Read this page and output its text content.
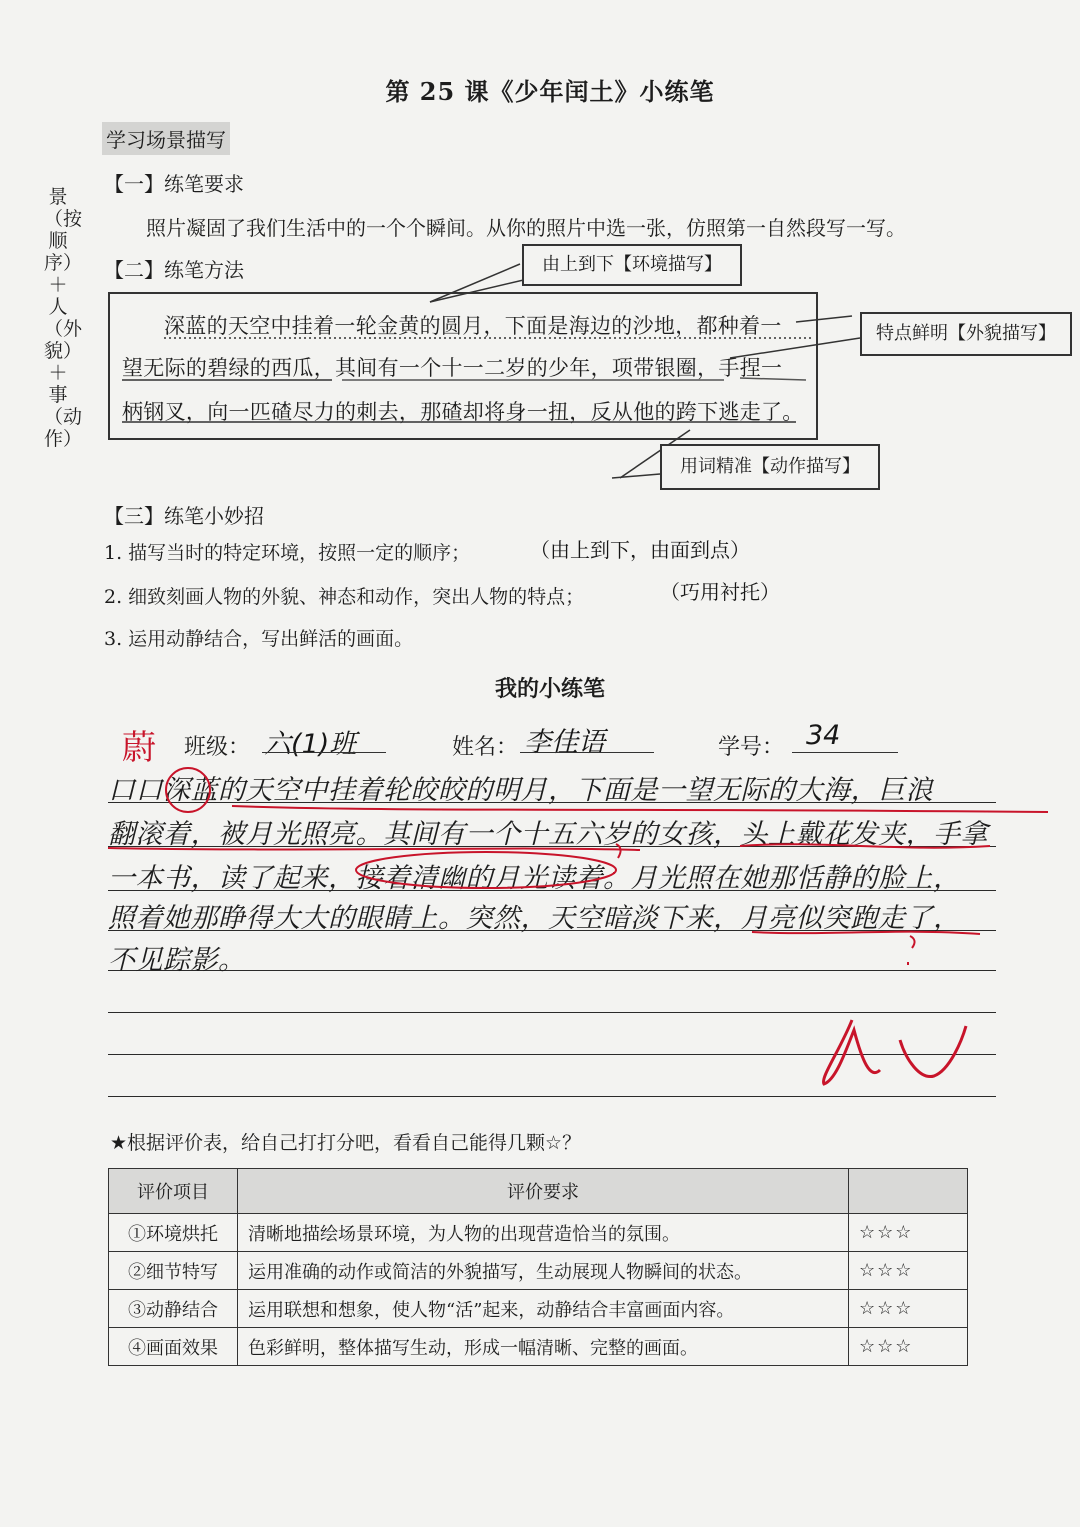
第 25 课《少年闰土》小练笔
学习场景描写
景（按顺序）＋人（外貌）＋事（动作）
【一】练笔要求
照片凝固了我们生活中的一个个瞬间。从你的照片中选一张，仿照第一自然段写一写。
【二】练笔方法
深蓝的天空中挂着一轮金黄的圆月，下面是海边的沙地，都种着一
望无际的碧绿的西瓜，其间有一个十一二岁的少年，项带银圈，手捏一
柄钢叉，向一匹碴尽力的刺去，那碴却将身一扭，反从他的跨下逃走了。
由上到下【环境描写】
特点鲜明【外貌描写】
用词精准【动作描写】
【三】练笔小妙招
1. 描写当时的特定环境，按照一定的顺序；
2. 细致刻画人物的外貌、神态和动作，突出人物的特点；
3. 运用动静结合，写出鲜活的画面。
（由上到下，由面到点）
（巧用衬托）
我的小练笔
蔚 班级： 六(1)班	姓名： 李佳语	学号： 34
口口深蓝的天空中挂着轮皎皎的明月，下面是一望无际的大海，巨浪
翻滚着，被月光照亮。其间有一个十五六岁的女孩，头上戴花发夹，手拿
一本书，读了起来，接着清幽的月光读着。月光照在她那恬静的脸上，
照着她那睁得大大的眼睛上。突然，天空暗淡下来，月亮似突跑走了，
不见踪影。
★根据评价表，给自己打打分吧，看看自己能得几颗☆？
评价项目	评价要求	
①环境烘托	清晰地描绘场景环境，为人物的出现营造恰当的氛围。	☆☆☆
②细节特写	运用准确的动作或简洁的外貌描写，生动展现人物瞬间的状态。	☆☆☆
③动静结合	运用联想和想象，使人物“活”起来，动静结合丰富画面内容。	☆☆☆
④画面效果	色彩鲜明，整体描写生动，形成一幅清晰、完整的画面。	☆☆☆
